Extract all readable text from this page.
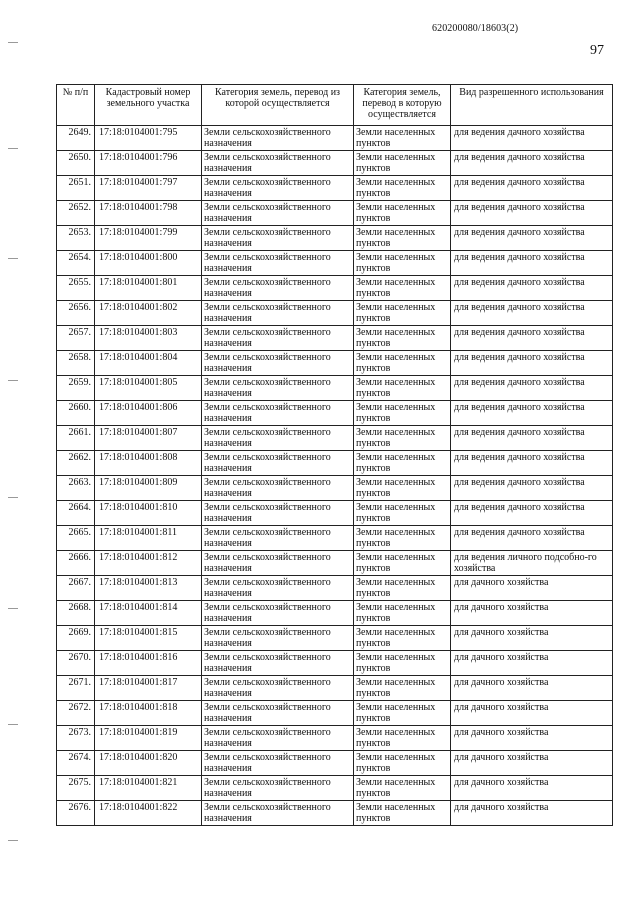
620200080/18603(2)
97
№ п/п	Кадастровый номер земельного участка	Категория земель, перевод из которой осуществляется	Категория земель, перевод в которую осуществляется	Вид разрешенного использования
2649.	17:18:0104001:795	Земли сельскохозяйственного назначения	Земли населенных пунктов	для ведения дачного хозяйства
2650.	17:18:0104001:796	Земли сельскохозяйственного назначения	Земли населенных пунктов	для ведения дачного хозяйства
2651.	17:18:0104001:797	Земли сельскохозяйственного назначения	Земли населенных пунктов	для ведения дачного хозяйства
2652.	17:18:0104001:798	Земли сельскохозяйственного назначения	Земли населенных пунктов	для ведения дачного хозяйства
2653.	17:18:0104001:799	Земли сельскохозяйственного назначения	Земли населенных пунктов	для ведения дачного хозяйства
2654.	17:18:0104001:800	Земли сельскохозяйственного назначения	Земли населенных пунктов	для ведения дачного хозяйства
2655.	17:18:0104001:801	Земли сельскохозяйственного назначения	Земли населенных пунктов	для ведения дачного хозяйства
2656.	17:18:0104001:802	Земли сельскохозяйственного назначения	Земли населенных пунктов	для ведения дачного хозяйства
2657.	17:18:0104001:803	Земли сельскохозяйственного назначения	Земли населенных пунктов	для ведения дачного хозяйства
2658.	17:18:0104001:804	Земли сельскохозяйственного назначения	Земли населенных пунктов	для ведения дачного хозяйства
2659.	17:18:0104001:805	Земли сельскохозяйственного назначения	Земли населенных пунктов	для ведения дачного хозяйства
2660.	17:18:0104001:806	Земли сельскохозяйственного назначения	Земли населенных пунктов	для ведения дачного хозяйства
2661.	17:18:0104001:807	Земли сельскохозяйственного назначения	Земли населенных пунктов	для ведения дачного хозяйства
2662.	17:18:0104001:808	Земли сельскохозяйственного назначения	Земли населенных пунктов	для ведения дачного хозяйства
2663.	17:18:0104001:809	Земли сельскохозяйственного назначения	Земли населенных пунктов	для ведения дачного хозяйства
2664.	17:18:0104001:810	Земли сельскохозяйственного назначения	Земли населенных пунктов	для ведения дачного хозяйства
2665.	17:18:0104001:811	Земли сельскохозяйственного назначения	Земли населенных пунктов	для ведения дачного хозяйства
2666.	17:18:0104001:812	Земли сельскохозяйственного назначения	Земли населенных пунктов	для ведения личного подсобно-го хозяйства
2667.	17:18:0104001:813	Земли сельскохозяйственного назначения	Земли населенных пунктов	для дачного хозяйства
2668.	17:18:0104001:814	Земли сельскохозяйственного назначения	Земли населенных пунктов	для дачного хозяйства
2669.	17:18:0104001:815	Земли сельскохозяйственного назначения	Земли населенных пунктов	для дачного хозяйства
2670.	17:18:0104001:816	Земли сельскохозяйственного назначения	Земли населенных пунктов	для дачного хозяйства
2671.	17:18:0104001:817	Земли сельскохозяйственного назначения	Земли населенных пунктов	для дачного хозяйства
2672.	17:18:0104001:818	Земли сельскохозяйственного назначения	Земли населенных пунктов	для дачного хозяйства
2673.	17:18:0104001:819	Земли сельскохозяйственного назначения	Земли населенных пунктов	для дачного хозяйства
2674.	17:18:0104001:820	Земли сельскохозяйственного назначения	Земли населенных пунктов	для дачного хозяйства
2675.	17:18:0104001:821	Земли сельскохозяйственного назначения	Земли населенных пунктов	для дачного хозяйства
2676.	17:18:0104001:822	Земли сельскохозяйственного назначения	Земли населенных пунктов	для дачного хозяйства
